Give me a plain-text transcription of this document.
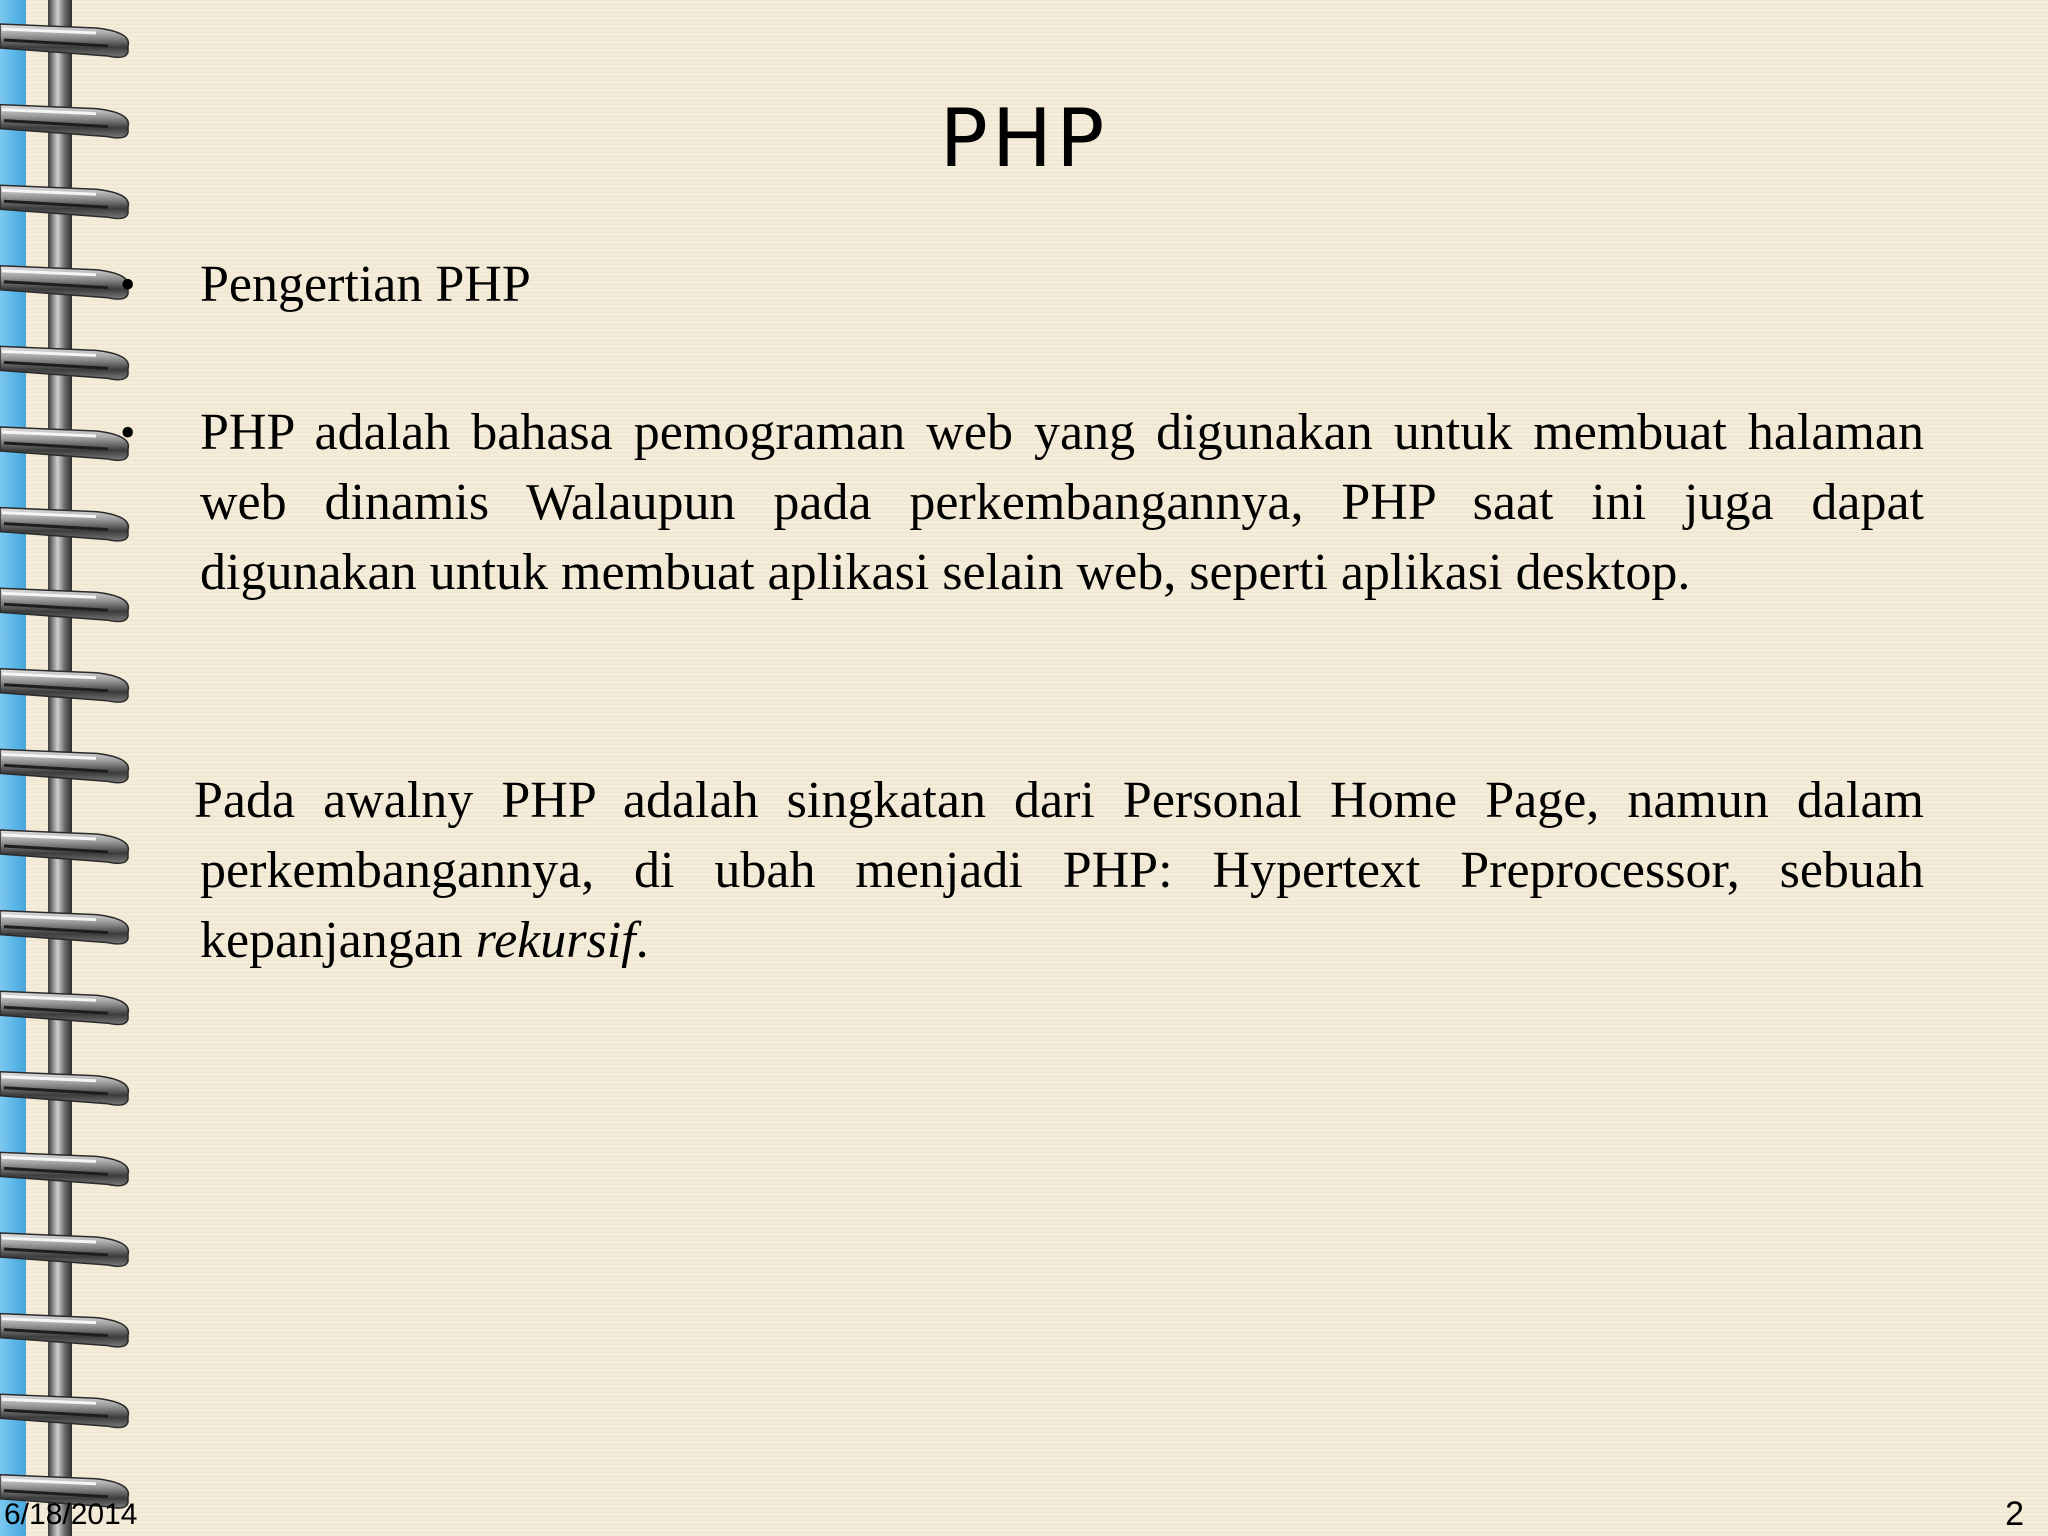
PHP
• Pengertian PHP
• PHP adalah bahasa pemograman web yang digunakan untuk membuat halaman web dinamis Walaupun pada perkembangannya, PHP saat ini juga dapat digunakan untuk membuat aplikasi selain web, seperti aplikasi desktop.
Pada awalny PHP adalah singkatan dari Personal Home Page, namun dalam perkembangannya, di ubah menjadi PHP: Hypertext Preprocessor, sebuah kepanjangan rekursif.
6/18/2014	2
